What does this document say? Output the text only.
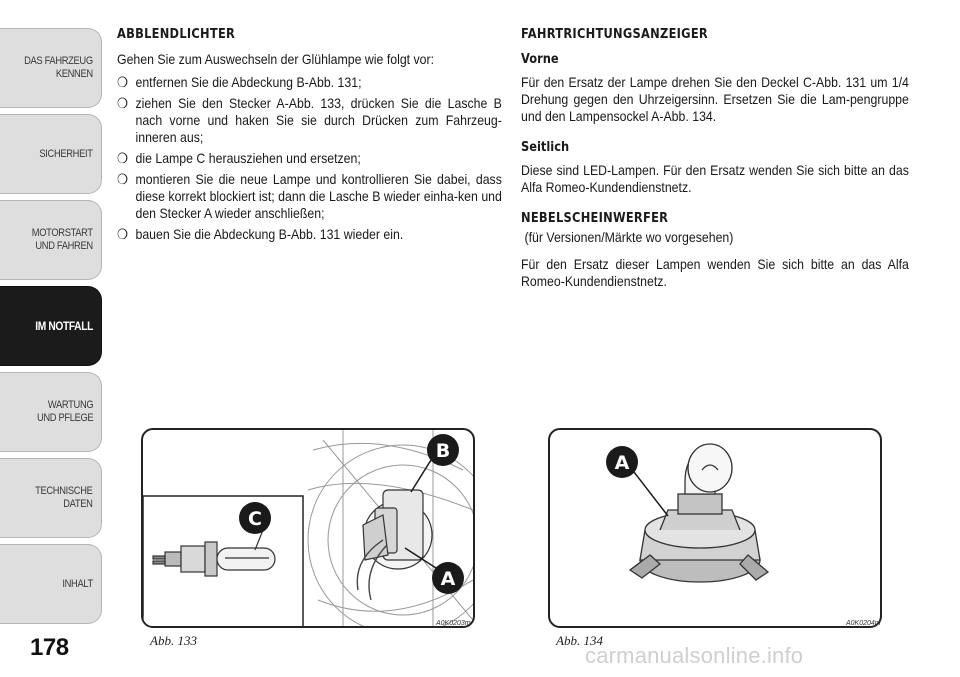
DAS FAHRZEUG
KENNEN
SICHERHEIT
MOTORSTART
UND FAHREN
IM NOTFALL
WARTUNG
UND PFLEGE
TECHNISCHE
DATEN
INHALT
178
ABBLENDLICHTER

Gehen Sie zum Auswechseln der Glühlampe wie folgt vor:

❍ entfernen Sie die Abdeckung B-Abb. 131;
❍ ziehen Sie den Stecker A-Abb. 133, drücken Sie die Lasche B nach vorne und haken Sie sie durch Drücken zum Fahrzeug-inneren aus;
❍ die Lampe C herausziehen und ersetzen;
❍ montieren Sie die neue Lampe und kontrollieren Sie dabei, dass diese korrekt blockiert ist; dann die Lasche B wieder einha-ken und den Stecker A wieder anschließen;
❍ bauen Sie die Abdeckung B-Abb. 131 wieder ein.
FAHRTRICHTUNGSANZEIGER
Vorne

Für den Ersatz der Lampe drehen Sie den Deckel C-Abb. 131 um 1/4 Drehung gegen den Uhrzeigersinn. Ersetzen Sie die Lam-pengruppe und den Lampensockel A-Abb. 134.

Seitlich

Diese sind LED-Lampen. Für den Ersatz wenden Sie sich bitte an das Alfa Romeo-Kundendienstnetz.

NEBELSCHEINWERFER

(für Versionen/Märkte wo vorgesehen)

Für den Ersatz dieser Lampen wenden Sie sich bitte an das Alfa Romeo-Kundendienstnetz.

B
C
A
Abb. 133
A0K0203m
A
Abb. 134
A0K0204m
carmanualsonline.info
